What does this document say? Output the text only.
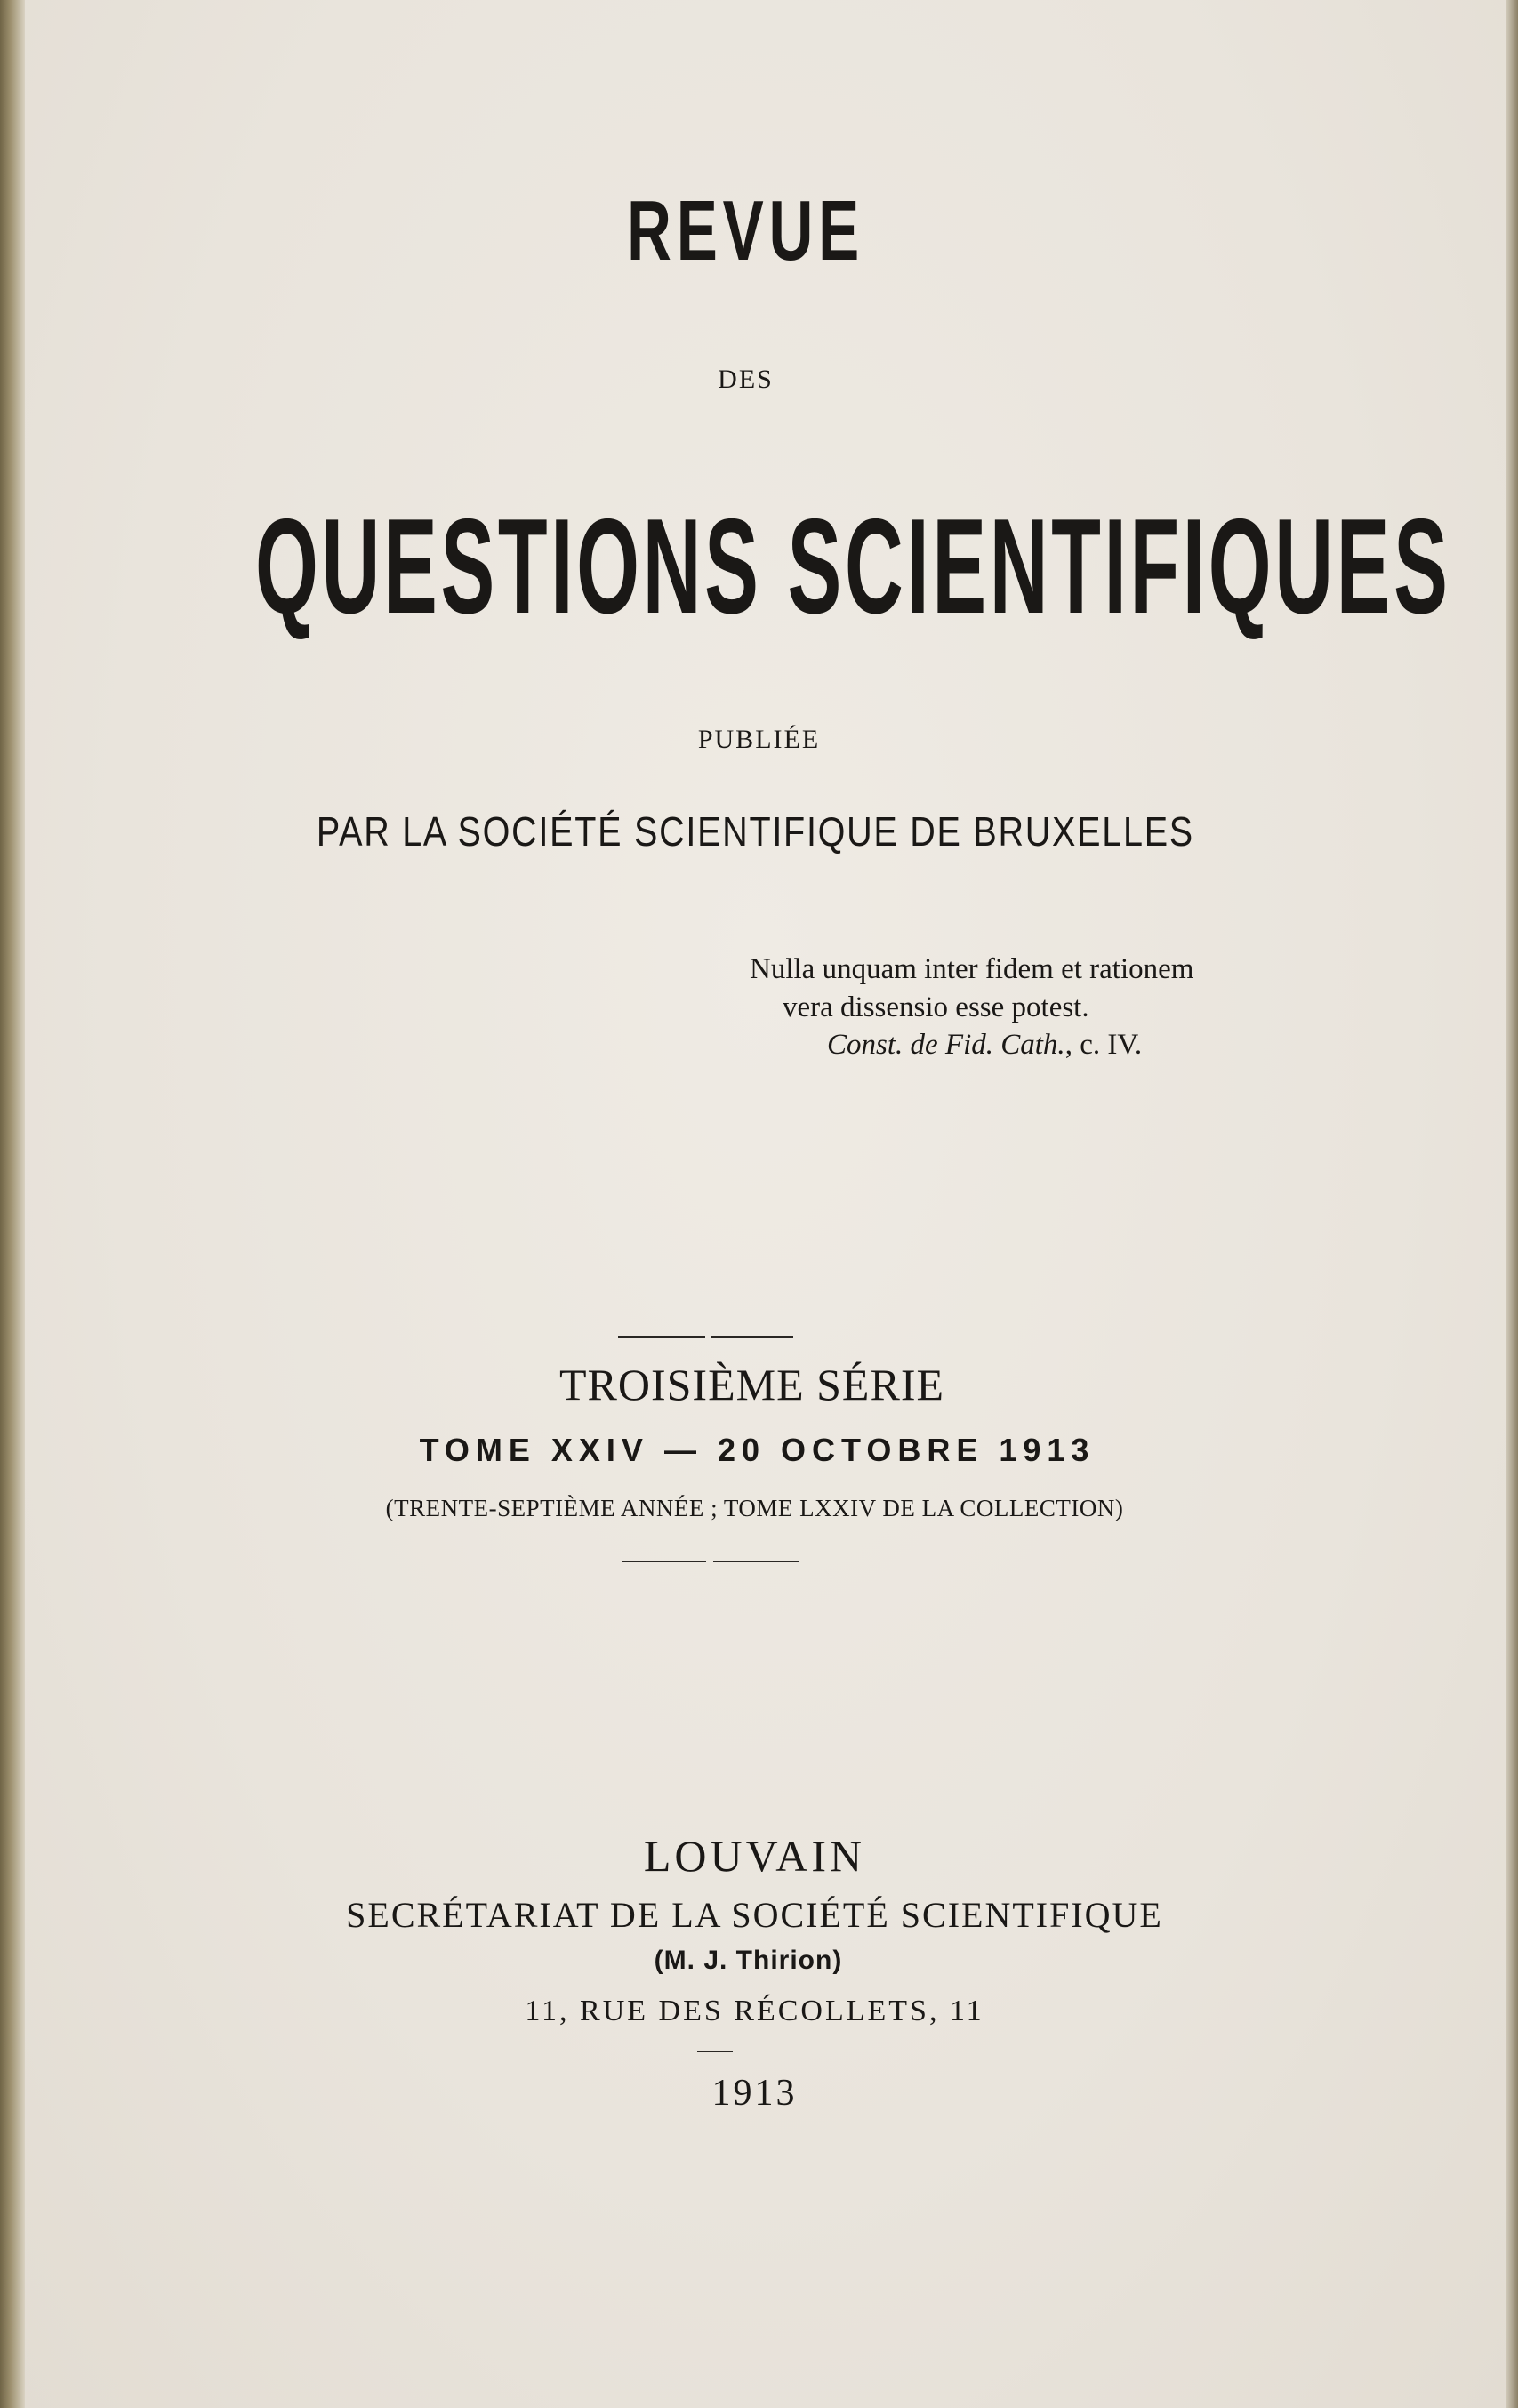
REVUE
DES
QUESTIONS SCIENTIFIQUES
PUBLIÉE
PAR LA SOCIÉTÉ SCIENTIFIQUE DE BRUXELLES
Nulla unquam inter fidem et rationem
vera dissensio esse potest.
Const. de Fid. Cath., c. IV.
TROISIÈME SÉRIE
TOME XXIV — 20 OCTOBRE 1913
(TRENTE-SEPTIÈME ANNÉE ; TOME LXXIV DE LA COLLECTION)
LOUVAIN
SECRÉTARIAT DE LA SOCIÉTÉ SCIENTIFIQUE
(M. J. Thirion)
11, RUE DES RÉCOLLETS, 11
1913
